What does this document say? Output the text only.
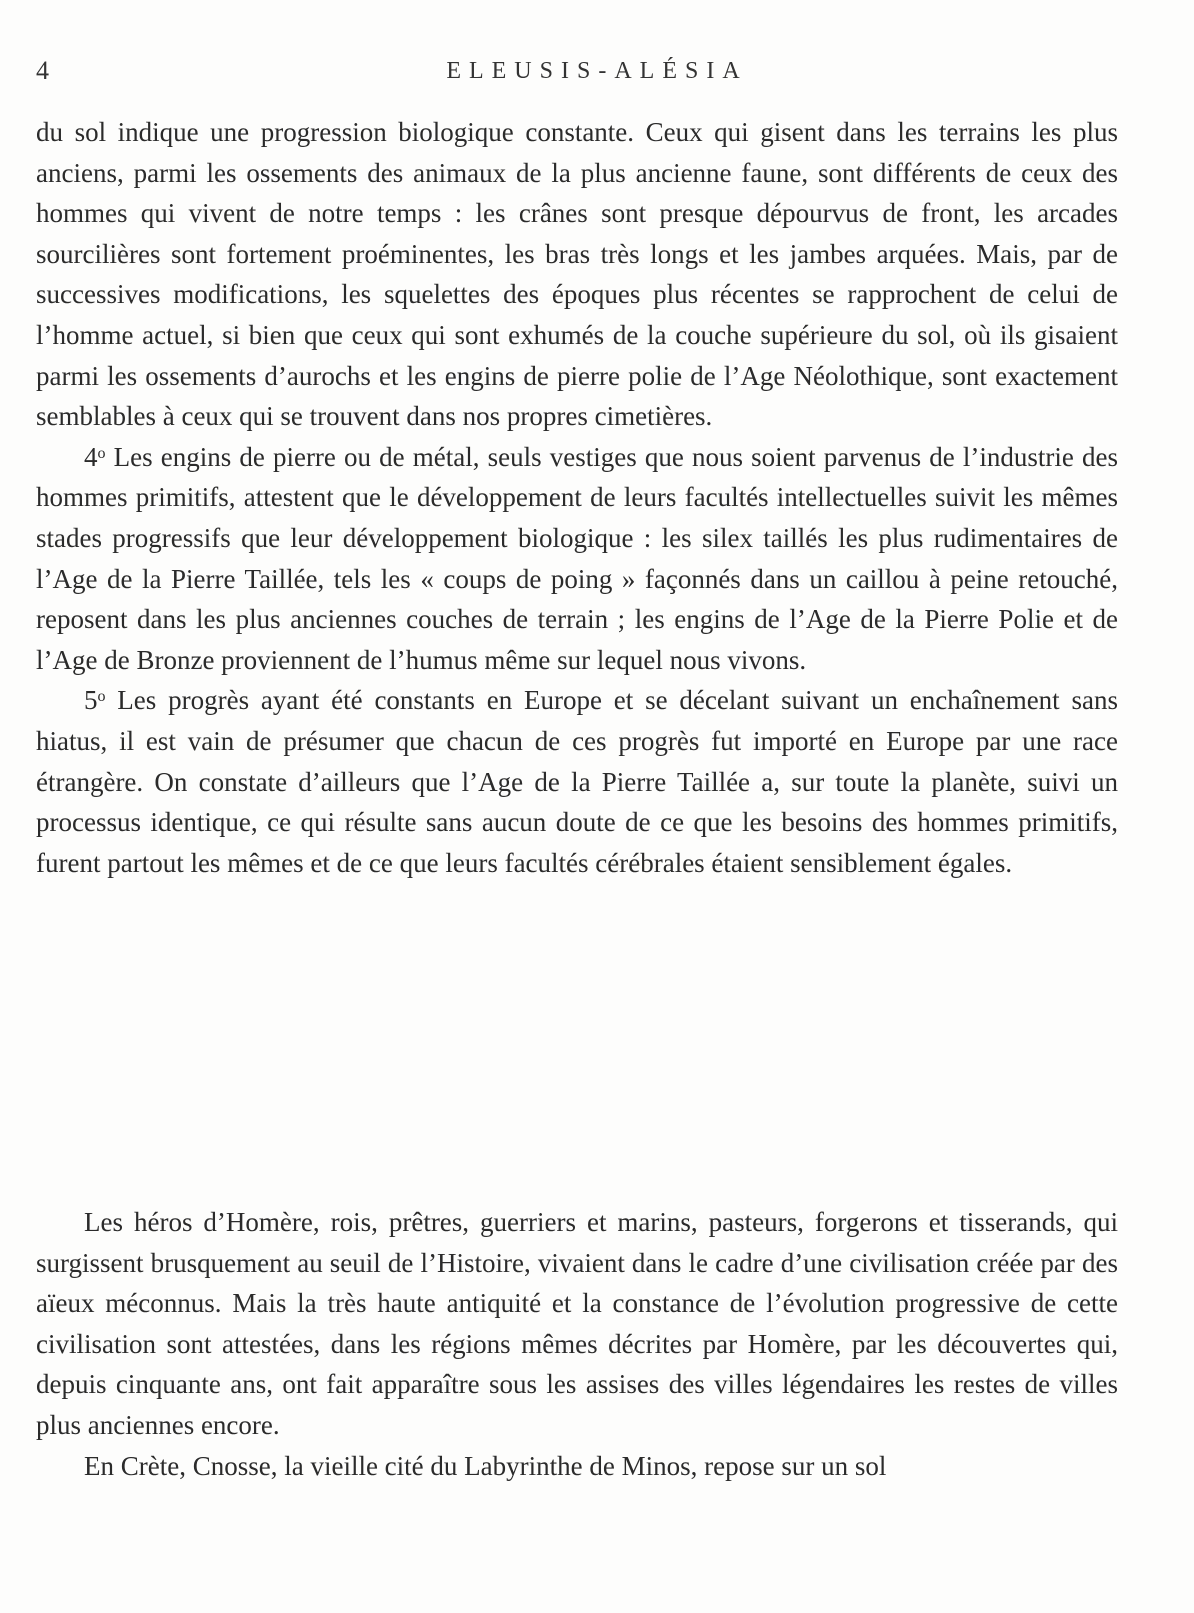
4	ELEUSIS-ALÉSIA

du sol indique une progression biologique constante. Ceux qui gisent dans les terrains les plus anciens, parmi les ossements des animaux de la plus ancienne faune, sont différents de ceux des hommes qui vivent de notre temps : les crânes sont presque dépourvus de front, les arcades sourcilières sont fortement proéminentes, les bras très longs et les jambes arquées. Mais, par de successives modifications, les squelettes des époques plus récentes se rapprochent de celui de l’homme actuel, si bien que ceux qui sont exhumés de la couche supérieure du sol, où ils gisaient parmi les ossements d’aurochs et les engins de pierre polie de l’Age Néolothique, sont exactement semblables à ceux qui se trouvent dans nos propres cimetières.

4$^o$ Les engins de pierre ou de métal, seuls vestiges que nous soient parvenus de l’industrie des hommes primitifs, attestent que le développement de leurs facultés intellectuelles suivit les mêmes stades progressifs que leur développement biologique : les silex taillés les plus rudimentaires de l’Age de la Pierre Taillée, tels les « coups de poing » façonnés dans un caillou à peine retouché, reposent dans les plus anciennes couches de terrain ; les engins de l’Age de la Pierre Polie et de l’Age de Bronze proviennent de l’humus même sur lequel nous vivons.

5$^o$ Les progrès ayant été constants en Europe et se décelant suivant un enchaînement sans hiatus, il est vain de présumer que chacun de ces progrès fut importé en Europe par une race étrangère. On constate d’ailleurs que l’Age de la Pierre Taillée a, sur toute la planète, suivi un processus identique, ce qui résulte sans aucun doute de ce que les besoins des hommes primitifs, furent partout les mêmes et de ce que leurs facultés cérébrales étaient sensiblement égales.

Les héros d’Homère, rois, prêtres, guerriers et marins, pasteurs, forgerons et tisserands, qui surgissent brusquement au seuil de l’Histoire, vivaient dans le cadre d’une civilisation créée par des aïeux méconnus. Mais la très haute antiquité et la constance de l’évolution progressive de cette civilisation sont attestées, dans les régions mêmes décrites par Homère, par les découvertes qui, depuis cinquante ans, ont fait apparaître sous les assises des villes légendaires les restes de villes plus anciennes encore.

En Crète, Cnosse, la vieille cité du Labyrinthe de Minos, repose sur un sol
